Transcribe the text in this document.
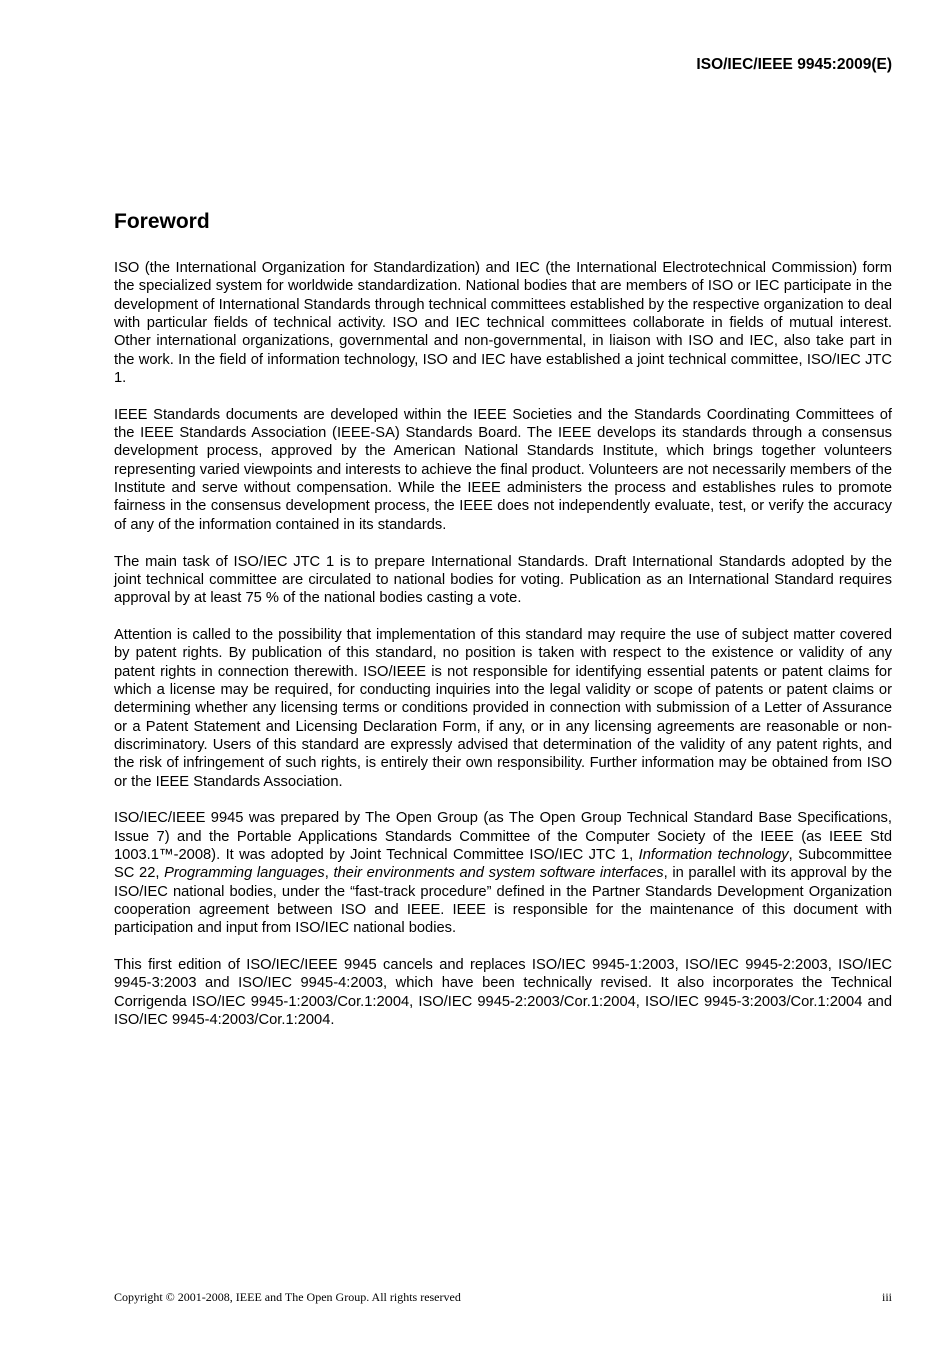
ISO/IEC/IEEE 9945:2009(E)
Foreword

ISO (the International Organization for Standardization) and IEC (the International Electrotechnical Commission) form the specialized system for worldwide standardization. National bodies that are members of ISO or IEC participate in the development of International Standards through technical committees established by the respective organization to deal with particular fields of technical activity. ISO and IEC technical committees collaborate in fields of mutual interest. Other international organizations, governmental and non-governmental, in liaison with ISO and IEC, also take part in the work. In the field of information technology, ISO and IEC have established a joint technical committee, ISO/IEC JTC 1.

IEEE Standards documents are developed within the IEEE Societies and the Standards Coordinating Committees of the IEEE Standards Association (IEEE-SA) Standards Board. The IEEE develops its standards through a consensus development process, approved by the American National Standards Institute, which brings together volunteers representing varied viewpoints and interests to achieve the final product. Volunteers are not necessarily members of the Institute and serve without compensation. While the IEEE administers the process and establishes rules to promote fairness in the consensus development process, the IEEE does not independently evaluate, test, or verify the accuracy of any of the information contained in its standards.

The main task of ISO/IEC JTC 1 is to prepare International Standards. Draft International Standards adopted by the joint technical committee are circulated to national bodies for voting. Publication as an International Standard requires approval by at least 75 % of the national bodies casting a vote.

Attention is called to the possibility that implementation of this standard may require the use of subject matter covered by patent rights. By publication of this standard, no position is taken with respect to the existence or validity of any patent rights in connection therewith. ISO/IEEE is not responsible for identifying essential patents or patent claims for which a license may be required, for conducting inquiries into the legal validity or scope of patents or patent claims or determining whether any licensing terms or conditions provided in connection with submission of a Letter of Assurance or a Patent Statement and Licensing Declaration Form, if any, or in any licensing agreements are reasonable or non-discriminatory. Users of this standard are expressly advised that determination of the validity of any patent rights, and the risk of infringement of such rights, is entirely their own responsibility. Further information may be obtained from ISO or the IEEE Standards Association.

ISO/IEC/IEEE 9945 was prepared by The Open Group (as The Open Group Technical Standard Base Specifications, Issue 7) and the Portable Applications Standards Committee of the Computer Society of the IEEE (as IEEE Std 1003.1™-2008). It was adopted by Joint Technical Committee ISO/IEC JTC 1, Information technology, Subcommittee SC 22, Programming languages, their environments and system software interfaces, in parallel with its approval by the ISO/IEC national bodies, under the “fast-track procedure” defined in the Partner Standards Development Organization cooperation agreement between ISO and IEEE. IEEE is responsible for the maintenance of this document with participation and input from ISO/IEC national bodies.

This first edition of ISO/IEC/IEEE 9945 cancels and replaces ISO/IEC 9945-1:2003, ISO/IEC 9945-2:2003, ISO/IEC 9945-3:2003 and ISO/IEC 9945-4:2003, which have been technically revised. It also incorporates the Technical Corrigenda ISO/IEC 9945-1:2003/Cor.1:2004, ISO/IEC 9945-2:2003/Cor.1:2004, ISO/IEC 9945-3:2003/Cor.1:2004 and ISO/IEC 9945-4:2003/Cor.1:2004.

Copyright © 2001-2008, IEEE and The Open Group. All rights reserved	iii
